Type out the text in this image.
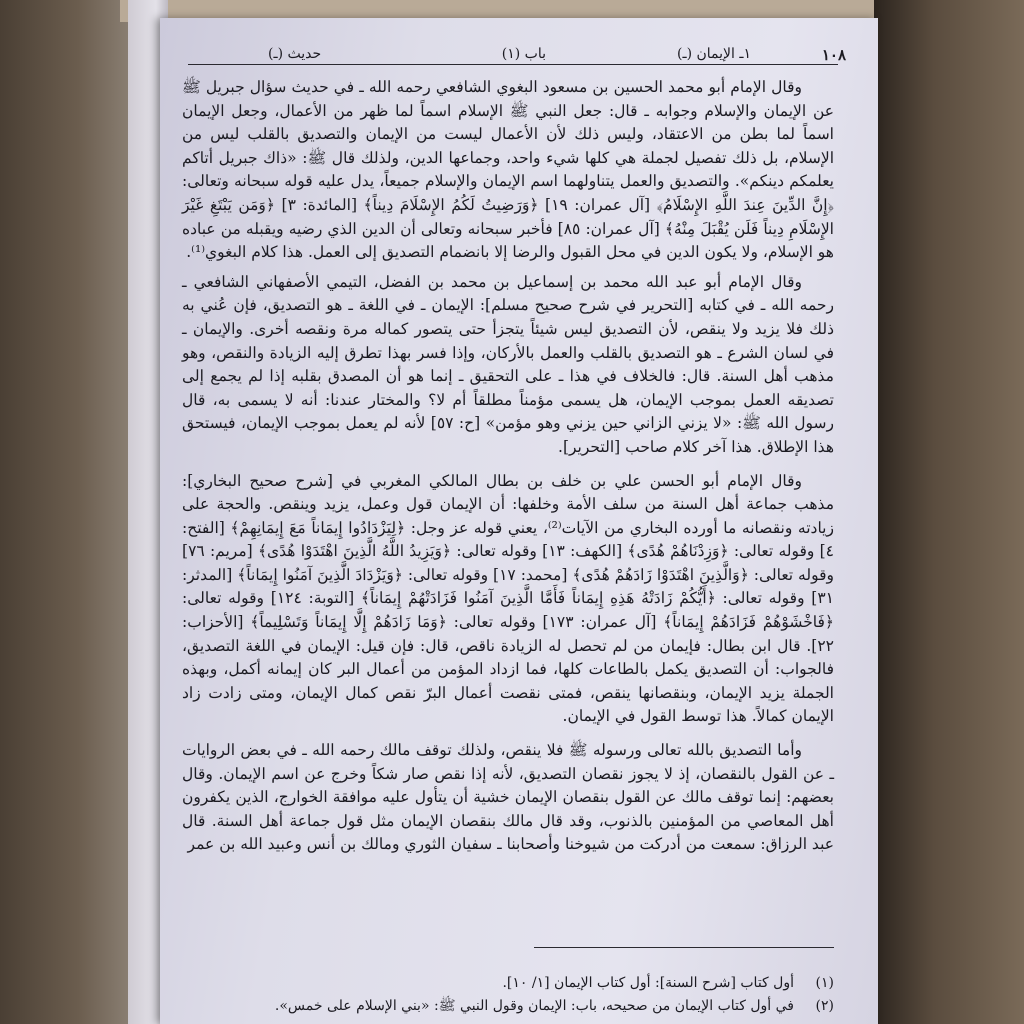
١٠٨
١ـ الإيمان (ـ)
باب (١)
حديث (ـ)

وقال الإمام أبو محمد الحسين بن مسعود البغوي الشافعي رحمه الله ـ في حديث سؤال جبريل ﷺ عن الإيمان والإسلام وجوابه ـ قال: جعل النبي ﷺ الإسلام اسماً لما ظهر من الأعمال، وجعل الإيمان اسماً لما بطن من الاعتقاد، وليس ذلك لأن الأعمال ليست من الإيمان والتصديق بالقلب ليس من الإسلام، بل ذلك تفصيل لجملة هي كلها شيء واحد، وجماعها الدين، ولذلك قال ﷺ: «ذاك جبريل أتاكم يعلمكم دينكم». والتصديق والعمل يتناولهما اسم الإيمان والإسلام جميعاً، يدل عليه قوله سبحانه وتعالى: ﴿إِنَّ الدِّينَ عِندَ اللَّهِ الإِسْلَامُ﴾ [آل عمران: ١٩] ﴿وَرَضِيتُ لَكُمُ الإِسْلَامَ دِيناً﴾ [المائدة: ٣] ﴿وَمَن يَبْتَغِ غَيْرَ الإِسْلَامِ دِيناً فَلَن يُقْبَلَ مِنْهُ﴾ [آل عمران: ٨٥] فأخبر سبحانه وتعالى أن الدين الذي رضيه ويقبله من عباده هو الإسلام، ولا يكون الدين في محل القبول والرضا إلا بانضمام التصديق إلى العمل. هذا كلام البغوي⁽¹⁾.

وقال الإمام أبو عبد الله محمد بن إسماعيل بن محمد بن الفضل، التيمي الأصفهاني الشافعي ـ رحمه الله ـ في كتابه [التحرير في شرح صحيح مسلم]: الإيمان ـ في اللغة ـ هو التصديق، فإن عُني به ذلك فلا يزيد ولا ينقص، لأن التصديق ليس شيئاً يتجزأ حتى يتصور كماله مرة ونقصه أخرى. والإيمان ـ في لسان الشرع ـ هو التصديق بالقلب والعمل بالأركان، وإذا فسر بهذا تطرق إليه الزيادة والنقص، وهو مذهب أهل السنة. قال: فالخلاف في هذا ـ على التحقيق ـ إنما هو أن المصدق بقلبه إذا لم يجمع إلى تصديقه العمل بموجب الإيمان، هل يسمى مؤمناً مطلقاً أم لا؟ والمختار عندنا: أنه لا يسمى به، قال رسول الله ﷺ: «لا يزني الزاني حين يزني وهو مؤمن» [ح: ٥٧] لأنه لم يعمل بموجب الإيمان، فيستحق هذا الإطلاق. هذا آخر كلام صاحب [التحرير].

وقال الإمام أبو الحسن علي بن خلف بن بطال المالكي المغربي في [شرح صحيح البخاري]: مذهب جماعة أهل السنة من سلف الأمة وخلفها: أن الإيمان قول وعمل، يزيد وينقص. والحجة على زيادته ونقصانه ما أورده البخاري من الآيات⁽²⁾، يعني قوله عز وجل: ﴿لِيَزْدَادُوا إِيمَاناً مَعَ إِيمَانِهِمْ﴾ [الفتح: ٤] وقوله تعالى: ﴿وَزِدْنَاهُمْ هُدًى﴾ [الكهف: ١٣] وقوله تعالى: ﴿وَيَزِيدُ اللَّهُ الَّذِينَ اهْتَدَوْا هُدًى﴾ [مريم: ٧٦] وقوله تعالى: ﴿وَالَّذِينَ اهْتَدَوْا زَادَهُمْ هُدًى﴾ [محمد: ١٧] وقوله تعالى: ﴿وَيَزْدَادَ الَّذِينَ آمَنُوا إِيمَاناً﴾ [المدثر: ٣١] وقوله تعالى: ﴿أَيُّكُمْ زَادَتْهُ هَذِهِ إِيمَاناً فَأَمَّا الَّذِينَ آمَنُوا فَزَادَتْهُمْ إِيمَاناً﴾ [التوبة: ١٢٤] وقوله تعالى: ﴿فَاخْشَوْهُمْ فَزَادَهُمْ إِيمَاناً﴾ [آل عمران: ١٧٣] وقوله تعالى: ﴿وَمَا زَادَهُمْ إِلَّا إِيمَاناً وَتَسْلِيماً﴾ [الأحزاب: ٢٢]. قال ابن بطال: فإيمان من لم تحصل له الزيادة ناقص، قال: فإن قيل: الإيمان في اللغة التصديق، فالجواب: أن التصديق يكمل بالطاعات كلها، فما ازداد المؤمن من أعمال البر كان إيمانه أكمل، وبهذه الجملة يزيد الإيمان، وبنقصانها ينقص، فمتى نقصت أعمال البرّ نقص كمال الإيمان، ومتى زادت زاد الإيمان كمالاً. هذا توسط القول في الإيمان.

وأما التصديق بالله تعالى ورسوله ﷺ فلا ينقص، ولذلك توقف مالك رحمه الله ـ في بعض الروايات ـ عن القول بالنقصان، إذ لا يجوز نقصان التصديق، لأنه إذا نقص صار شكاً وخرج عن اسم الإيمان. وقال بعضهم: إنما توقف مالك عن القول بنقصان الإيمان خشية أن يتأول عليه موافقة الخوارج، الذين يكفرون أهل المعاصي من المؤمنين بالذنوب، وقد قال مالك بنقصان الإيمان مثل قول جماعة أهل السنة. قال عبد الرزاق: سمعت من أدركت من شيوخنا وأصحابنا ـ سفيان الثوري ومالك بن أنس وعبيد الله بن عمر

(١)
أول كتاب [شرح السنة]: أول كتاب الإيمان [١/ ١٠].
(٢)
في أول كتاب الإيمان من صحيحه، باب: الإيمان وقول النبي ﷺ: «بني الإسلام على خمس».
